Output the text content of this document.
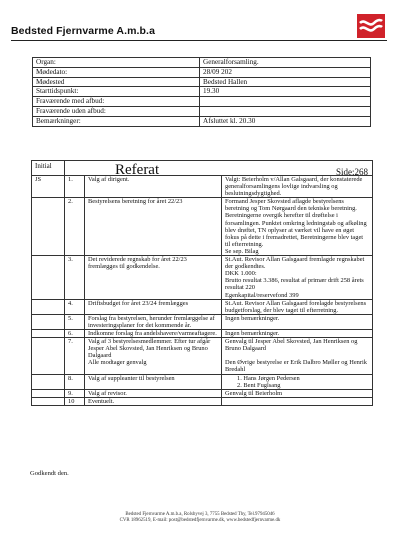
Bedsted Fjernvarme A.m.b.a
Organ:	Generalforsamling.
Mødedato:	28/09 202
Mødested	Bedsted Hallen
Starttidspunkt:	19.30
Fraværende med afbud:	
Fraværende uden afbud:	
Bemærkninger:	Afsluttet kl. 20.30
Initial	Referat Side:268		

JS	1.	Valg af dirigent.	Valgt: Beierholm v/Allan Galsgaard, der konstaterede generalforsamlingens lovlige indvarsling og beslutningsdygtighed.
	2.	Bestyrelsens beretning for året 22/23	Formand Jesper Skovsted aflagde bestyrelsens beretning og Tom Nørgaard den tekniske beretning. Beretningerne overgik herefter til drøftelse i forsamlingen. Punktet omkring ledningstab og afkøling blev drøftet, TN oplyser at værket vil have en øget fokus på dette i fremadrettet, Beretningerne blev taget til efterretning.
Se sep. Bilag
	3.	Det reviderede regnskab for året 22/23 fremlægges til godkendelse.	St.Aut. Revisor Allan Galsgaard fremlagde regnskabet der godkendtes.
DKK 1.000:
Brutto resultat 3.386, resultat af primær drift 258 årets resultat 220
Egenkapital/reservefond 399
	4.	Driftsbudget for året 23/24 fremlægges	St.Aut. Revisor Allan Galsgaard forelagde bestyrelsens budgetforslag, der blev taget til efterretning.
	5.	Forslag fra bestyrelsen, herunder fremlæggelse af investeringsplaner for det kommende år.	Ingen bemærkninger.
	6.	Indkomne forslag fra andelshavere/varmeaftagere.	Ingen bemærkninger.
	7.	Valg af 3 bestyrelsesmedlemmer. Efter tur afgår Jesper Abel Skovsted, Jan Henriksen og Bruno Dalgaard
Alle modtager genvalg	Genvalg til Jesper Abel Skovsted, Jan Henriksen og Bruno Dalgaard

Den Øvrige bestyrelse er Erik Dalbro Møller og Henrik Bredahl
	8.	Valg af suppleanter til bestyrelsen	1. Hans Jørgen Pedersen
2. Bent Fuglsang

	9.	Valg af revisor.	Genvalg til Beierholm
	10	Eventuelt.	
Godkendt den.
Bedsted Fjernvarme A.m.b.a, Rolsbyvej 3, 7755 Bedsted Thy, Tel.97945046
CVR 18962519, E-mail: post@bedstedfjernvarme.dk, www.bedstedfjernvarme.dk
